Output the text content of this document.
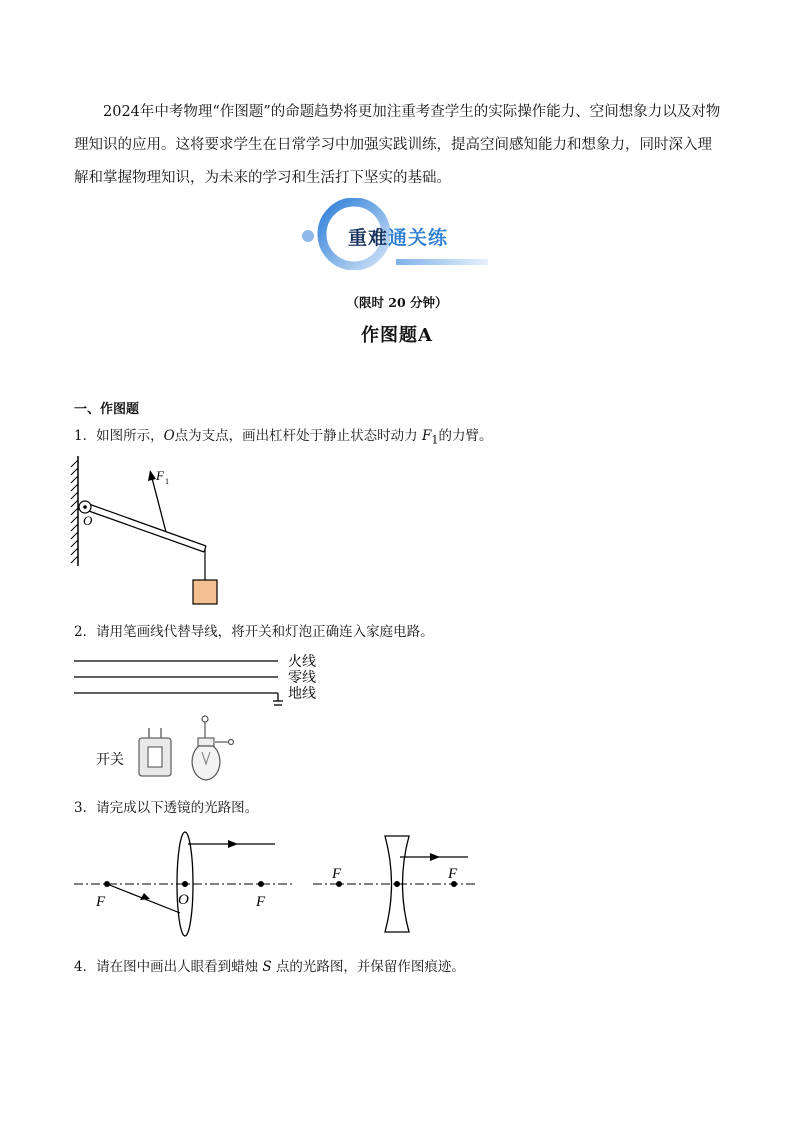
2024年中考物理“作图题”的命题趋势将更加注重考查学生的实际操作能力、空间想象力以及对物理知识的应用。这将要求学生在日常学习中加强实践训练，提高空间感知能力和想象力，同时深入理解和掌握物理知识，为未来的学习和生活打下坚实的基础。

重难通关练
（限时 20 分钟）
作图题A
一、作图题
1．如图所示，O点为支点，画出杠杆处于静止状态时动力 $F_1$的力臂。
O
F 1
2．请用笔画线代替导线，将开关和灯泡正确连入家庭电路。
火线
零线
地线
开关
3．请完成以下透镜的光路图。
F	O	F
F	F
4．请在图中画出人眼看到蜡烛 S 点的光路图，并保留作图痕迹。
